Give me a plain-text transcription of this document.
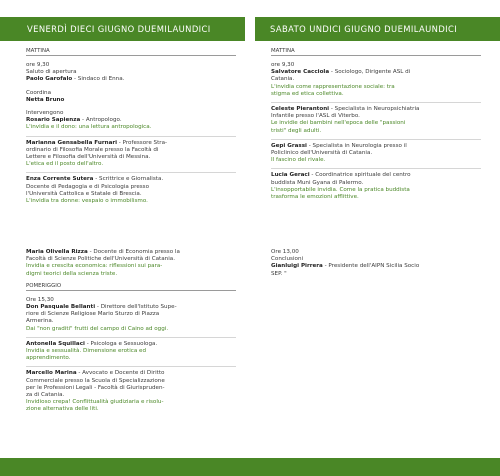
VENERDÌ DIECI GIUGNO DUEMILAUNDICI	SABATO UNDICI GIUGNO DUEMILAUNDICI
MATTINA
ore 9,30
Saluto di apertura
Paolo Garofalo - Sindaco di Enna.
Coordina
Netta Bruno
Intervengono
Rosario Sapienza - Antropologo.
L'invidia e il dono: una lettura antropologica.
Marianna Gensabella Furnari - Professore Stra-
ordinario di Filosofia Morale presso la Facoltà di
Lettere e Filosofia dell'Università di Messina.
L'etica ed il posto dell'altro.
Enza Corrente Sutera - Scrittrice e Giornalista.
Docente di Pedagogia e di Psicologia presso
l'Università Cattolica e Statale di Brescia.
L'invidia tra donne: vespaio o immobilismo.
Maria Olivella Rizza - Docente di Economia presso la
Facoltà di Scienze Politiche dell'Università di Catania.
Invidia e crescita economica: riflessioni sui para-
digmi teorici della scienza triste.
POMERIGGIO
Ore 15,30
Don Pasquale Bellanti - Direttore dell'Istituto Supe-
riore di Scienze Religiose Mario Sturzo di Piazza
Armerina.
Dai "non graditi" frutti del campo di Caino ad oggi.
Antonella Squillaci - Psicologa e Sessuologa.
Invidia e sessualità. Dimensione erotica ed
apprendimento.
Marcello Marina - Avvocato e Docente di Diritto
Commerciale presso la Scuola di Specializzazione
per le Professioni Legali - Facoltà di Giurispruden-
za di Catania.
Invidioso crepa! Conflittualità giudiziaria e risolu-
zione alternativa delle liti.
MATTINA
ore 9,30
Salvatore Cacciola - Sociologo, Dirigente ASL di
Catania.
L'invidia come rappresentazione sociale: tra
stigma ed etica collettiva.
Celeste Pierantoni - Specialista in Neuropsichiatria
Infantile presso l'ASL di Viterbo.
Le invidie dei bambini nell'epoca delle "passioni
tristi" degli adulti.
Gepi Grassi - Specialista in Neurologia presso il
Policlinico dell'Università di Catania.
Il fascino del rivale.
Lucia Geraci - Coordinatrice spirituale del centro
buddista Muni Gyana di Palermo.
L'insopportabile invidia. Come la pratica buddista
trasforma le emozioni afflittive.
Ore 13,00
Conclusioni
Gianluigi Pirrera - Presidente dell'AIPN Sicilia Socio
SEP. "
